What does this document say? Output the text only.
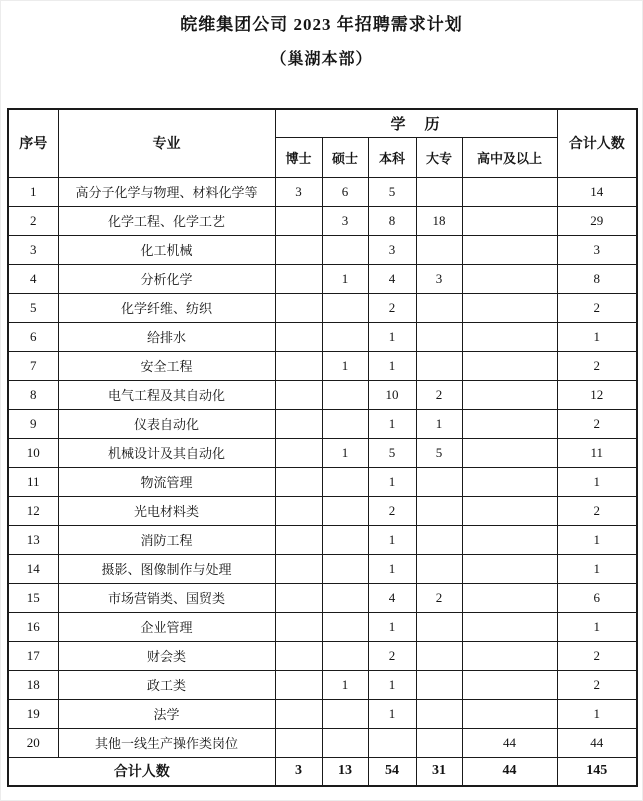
皖维集团公司 2023 年招聘需求计划
（巢湖本部）
序号	专业	学　历					合计人数
		博士	硕士	本科	大专	高中及以上	
1	高分子化学与物理、材料化学等	3	6	5			14
2	化学工程、化学工艺		3	8	18		29
3	化工机械			3			3
4	分析化学		1	4	3		8
5	化学纤维、纺织			2			2
6	给排水			1			1
7	安全工程		1	1			2
8	电气工程及其自动化			10	2		12
9	仪表自动化			1	1		2
10	机械设计及其自动化		1	5	5		11
11	物流管理			1			1
12	光电材料类			2			2
13	消防工程			1			1
14	摄影、图像制作与处理			1			1
15	市场营销类、国贸类			4	2		6
16	企业管理			1			1
17	财会类			2			2
18	政工类		1	1			2
19	法学			1			1
20	其他一线生产操作类岗位					44	44
合计人数		3	13	54	31	44	145
